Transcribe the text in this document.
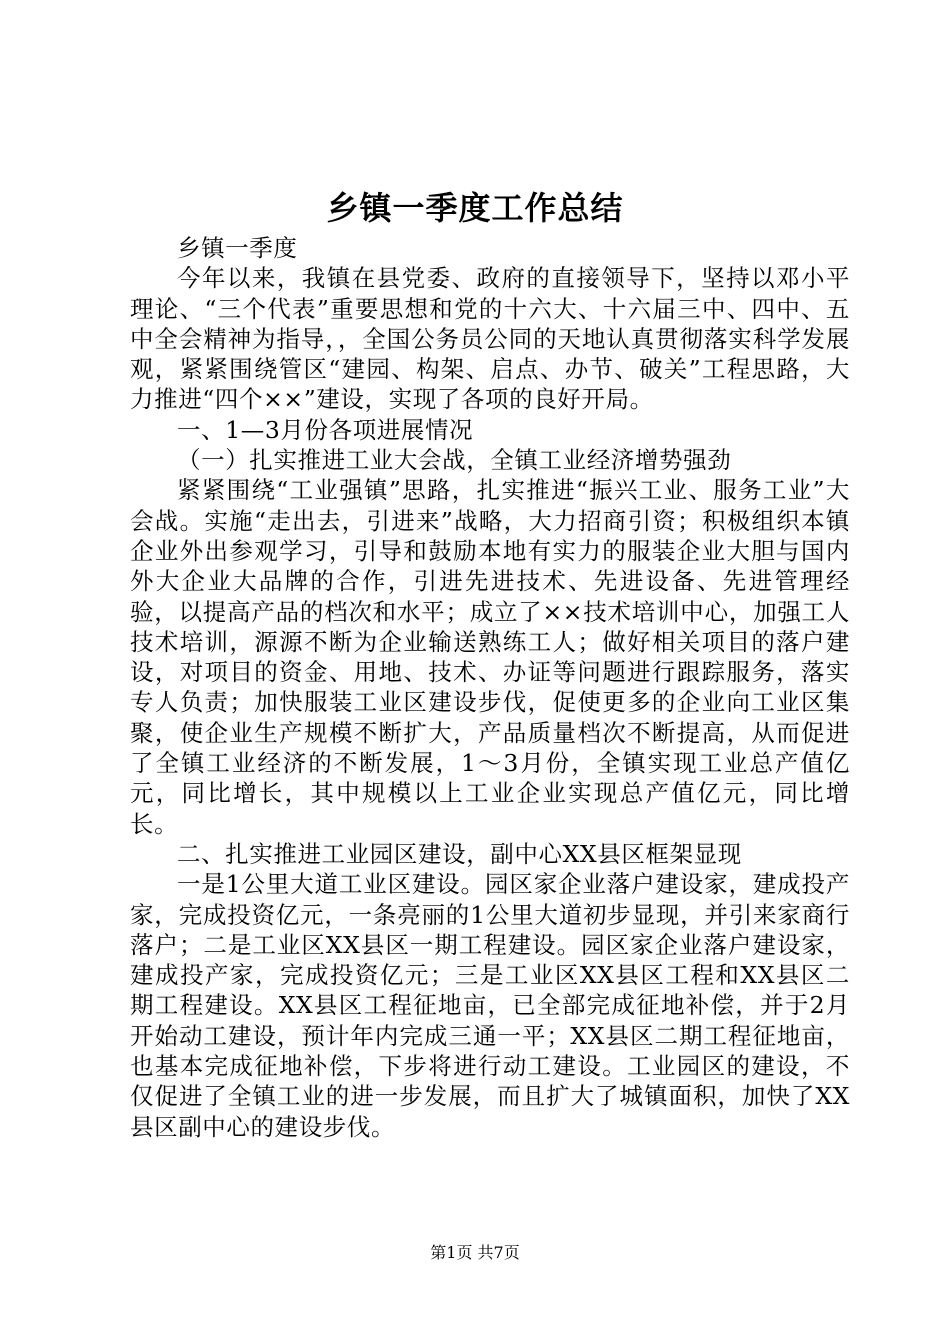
乡镇一季度工作总结

乡镇一季度

今年以来，我镇在县党委、政府的直接领导下，坚持以邓小平理论、“三个代表”重要思想和党的十六大、十六届三中、四中、五中全会精神为指导，，全国公务员公同的天地认真贯彻落实科学发展观，紧紧围绕管区“建园、构架、启点、办节、破关”工程思路，大力推进“四个××”建设，实现了各项的良好开局。

一、1—3月份各项进展情况

（一）扎实推进工业大会战，全镇工业经济增势强劲

紧紧围绕“工业强镇”思路，扎实推进“振兴工业、服务工业”大会战。实施“走出去，引进来”战略，大力招商引资；积极组织本镇企业外出参观学习，引导和鼓励本地有实力的服装企业大胆与国内外大企业大品牌的合作，引进先进技术、先进设备、先进管理经验，以提高产品的档次和水平；成立了××技术培训中心，加强工人技术培训，源源不断为企业输送熟练工人；做好相关项目的落户建设，对项目的资金、用地、技术、办证等问题进行跟踪服务，落实专人负责；加快服装工业区建设步伐，促使更多的企业向工业区集聚，使企业生产规模不断扩大，产品质量档次不断提高，从而促进了全镇工业经济的不断发展，1～3月份，全镇实现工业总产值亿元，同比增长，其中规模以上工业企业实现总产值亿元，同比增长。

二、扎实推进工业园区建设，副中心XX县区框架显现

一是1公里大道工业区建设。园区家企业落户建设家，建成投产家，完成投资亿元，一条亮丽的1公里大道初步显现，并引来家商行落户；二是工业区XX县区一期工程建设。园区家企业落户建设家，建成投产家，完成投资亿元；三是工业区XX县区工程和XX县区二期工程建设。XX县区工程征地亩，已全部完成征地补偿，并于2月开始动工建设，预计年内完成三通一平；XX县区二期工程征地亩，也基本完成征地补偿，下步将进行动工建设。工业园区的建设，不仅促进了全镇工业的进一步发展，而且扩大了城镇面积，加快了XX县区副中心的建设步伐。

第1页 共7页
